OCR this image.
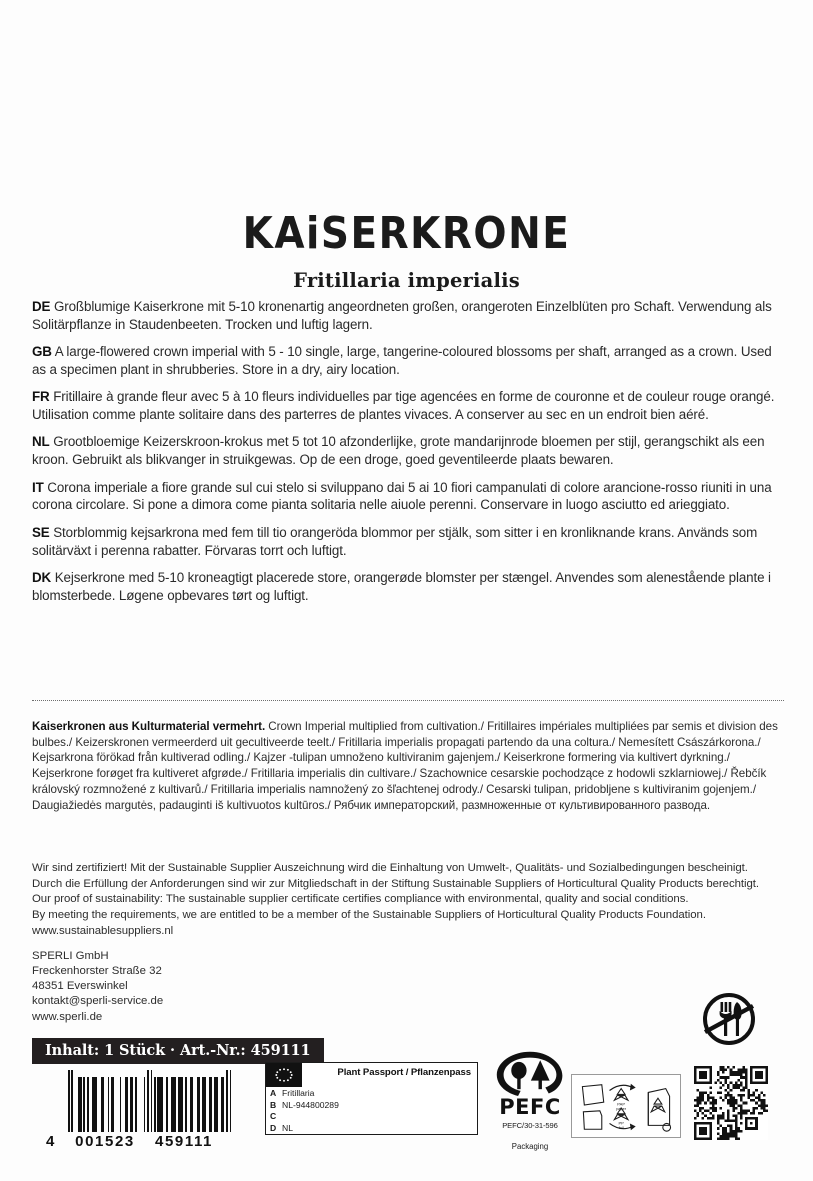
KAiSERKRONE
Fritillaria imperialis
DE Großblumige Kaiserkrone mit 5-10 kronenartig angeordneten großen, orangeroten Einzelblüten pro Schaft. Verwendung als Solitärpflanze in Staudenbeeten. Trocken und luftig lagern.
GB A large-flowered crown imperial with 5 - 10 single, large, tangerine-coloured blossoms per shaft, arranged as a crown. Used as a specimen plant in shrubberies. Store in a dry, airy location.
FR Fritillaire à grande fleur avec 5 à 10 fleurs individuelles par tige agencées en forme de couronne et de couleur rouge orangé. Utilisation comme plante solitaire dans des parterres de plantes vivaces. A conserver au sec en un endroit bien aéré.
NL Grootbloemige Keizerskroon-krokus met 5 tot 10 afzonderlijke, grote mandarijnrode bloemen per stijl, gerangschikt als een kroon. Gebruikt als blikvanger in struikgewas. Op de een droge, goed geventileerde plaats bewaren.
IT Corona imperiale a fiore grande sul cui stelo si sviluppano dai 5 ai 10 fiori campanulati di colore arancione-rosso riuniti in una corona circolare. Si pone a dimora come pianta solitaria nelle aiuole perenni. Conservare in luogo asciutto ed arieggiato.
SE Storblommig kejsarkrona med fem till tio orangeröda blommor per stjälk, som sitter i en kronliknande krans. Används som solitärväxt i perenna rabatter. Förvaras torrt och luftigt.
DK Kejserkrone med 5-10 kroneagtigt placerede store, orangerøde blomster per stængel. Anvendes som alenestående plante i blomsterbede. Løgene opbevares tørt og luftigt.
Kaiserkronen aus Kulturmaterial vermehrt. Crown Imperial multiplied from cultivation./ Fritillaires impériales multipliées par semis et division des bulbes./ Keizerskronen vermeerderd uit gecultiveerde teelt./ Fritillaria imperialis propagati partendo da una coltura./ Nemesített Császárkorona./ Kejsarkrona förökad från kultiverad odling./ Kajzer -tulipan umnoženo kultiviranim gajenjem./ Keiserkrone formering via kultivert dyrkning./ Kejserkrone forøget fra kultiveret afgrøde./ Fritillaria imperialis din cultivare./ Szachownice cesarskie pochodzące z hodowli szklarniowej./ Řebčík královský rozmnožené z kultivarů./ Fritillaria imperialis namnožený zo šľachtenej odrody./ Cesarski tulipan, pridobljene s kultiviranim gojenjem./ Daugiažiedės margutės, padauginti iš kultivuotos kultūros./ Рябчик императорский, размноженные от культивированного развода.
Wir sind zertifiziert! Mit der Sustainable Supplier Auszeichnung wird die Einhaltung von Umwelt-, Qualitäts- und Sozialbedingungen bescheinigt.
Durch die Erfüllung der Anforderungen sind wir zur Mitgliedschaft in der Stiftung Sustainable Suppliers of Horticultural Quality Products berechtigt.
Our proof of sustainability: The sustainable supplier certificate certifies compliance with environmental, quality and social conditions.
By meeting the requirements, we are entitled to be a member of the Sustainable Suppliers of Horticultural Quality Products Foundation.
www.sustainablesuppliers.nl
SPERLI GmbH
Freckenhorster Straße 32
48351 Everswinkel
kontakt@sperli-service.de
www.sperli.de
Inhalt: 1 Stück · Art.-Nr.: 459111
4	001523	459111
Plant Passport / Pflanzenpass
A Fritillaria
B NL-944800289
C
D NL
PEFC
PEFC/30-31-596
Packaging
PAP
paper
PP
foil
